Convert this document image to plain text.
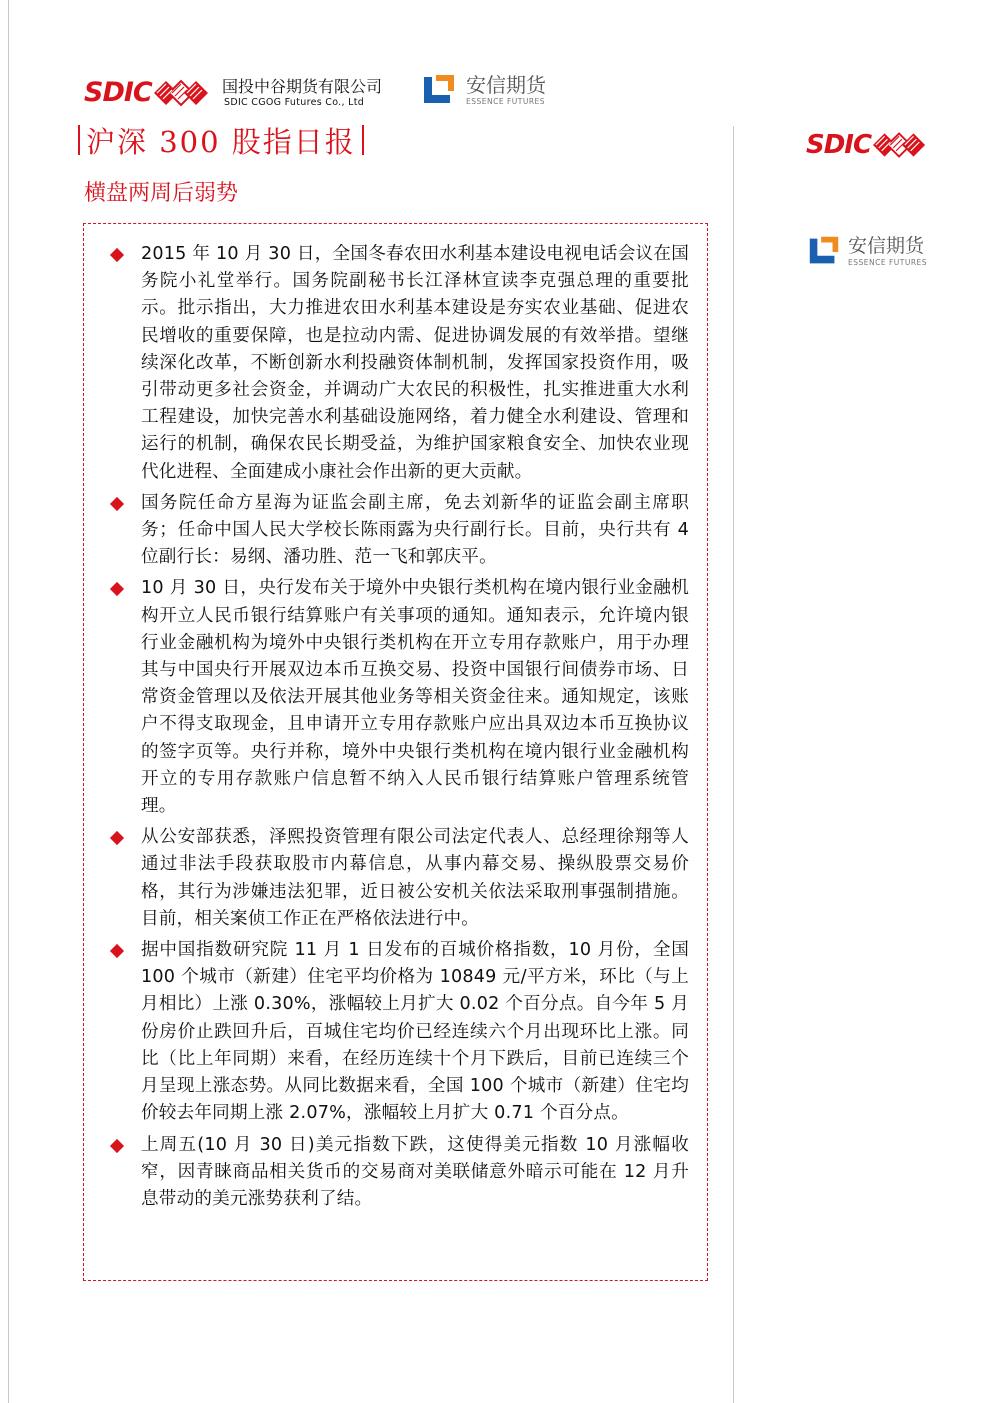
SDIC	国投中谷期货有限公司
SDIC CGOG Futures Co., Ltd
安信期货
ESSENCE FUTURES
沪深 300 股指日报
横盘两周后弱势
2015 年 10 月 30 日，全国冬春农田水利基本建设电视电话会议在国务院小礼堂举行。国务院副秘书长江泽林宣读李克强总理的重要批示。批示指出，大力推进农田水利基本建设是夯实农业基础、促进农民增收的重要保障，也是拉动内需、促进协调发展的有效举措。望继续深化改革，不断创新水利投融资体制机制，发挥国家投资作用，吸引带动更多社会资金，并调动广大农民的积极性，扎实推进重大水利工程建设，加快完善水利基础设施网络，着力健全水利建设、管理和运行的机制，确保农民长期受益，为维护国家粮食安全、加快农业现代化进程、全面建成小康社会作出新的更大贡献。
国务院任命方星海为证监会副主席，免去刘新华的证监会副主席职务；任命中国人民大学校长陈雨露为央行副行长。目前，央行共有 4 位副行长：易纲、潘功胜、范一飞和郭庆平。
10 月 30 日，央行发布关于境外中央银行类机构在境内银行业金融机构开立人民币银行结算账户有关事项的通知。通知表示，允许境内银行业金融机构为境外中央银行类机构在开立专用存款账户，用于办理其与中国央行开展双边本币互换交易、投资中国银行间债券市场、日常资金管理以及依法开展其他业务等相关资金往来。通知规定，该账户不得支取现金，且申请开立专用存款账户应出具双边本币互换协议的签字页等。央行并称，境外中央银行类机构在境内银行业金融机构开立的专用存款账户信息暂不纳入人民币银行结算账户管理系统管理。
从公安部获悉，泽熙投资管理有限公司法定代表人、总经理徐翔等人通过非法手段获取股市内幕信息，从事内幕交易、操纵股票交易价格，其行为涉嫌违法犯罪，近日被公安机关依法采取刑事强制措施。目前，相关案侦工作正在严格依法进行中。
据中国指数研究院 11 月 1 日发布的百城价格指数，10 月份，全国 100 个城市（新建）住宅平均价格为 10849 元/平方米，环比（与上月相比）上涨 0.30%，涨幅较上月扩大 0.02 个百分点。自今年 5 月份房价止跌回升后，百城住宅均价已经连续六个月出现环比上涨。同比（比上年同期）来看，在经历连续十个月下跌后，目前已连续三个月呈现上涨态势。从同比数据来看，全国 100 个城市（新建）住宅均价较去年同期上涨 2.07%，涨幅较上月扩大 0.71 个百分点。
上周五(10 月 30 日)美元指数下跌，这使得美元指数 10 月涨幅收窄，因青睐商品相关货币的交易商对美联储意外暗示可能在 12 月升息带动的美元涨势获利了结。
SDIC
安信期货
ESSENCE FUTURES
